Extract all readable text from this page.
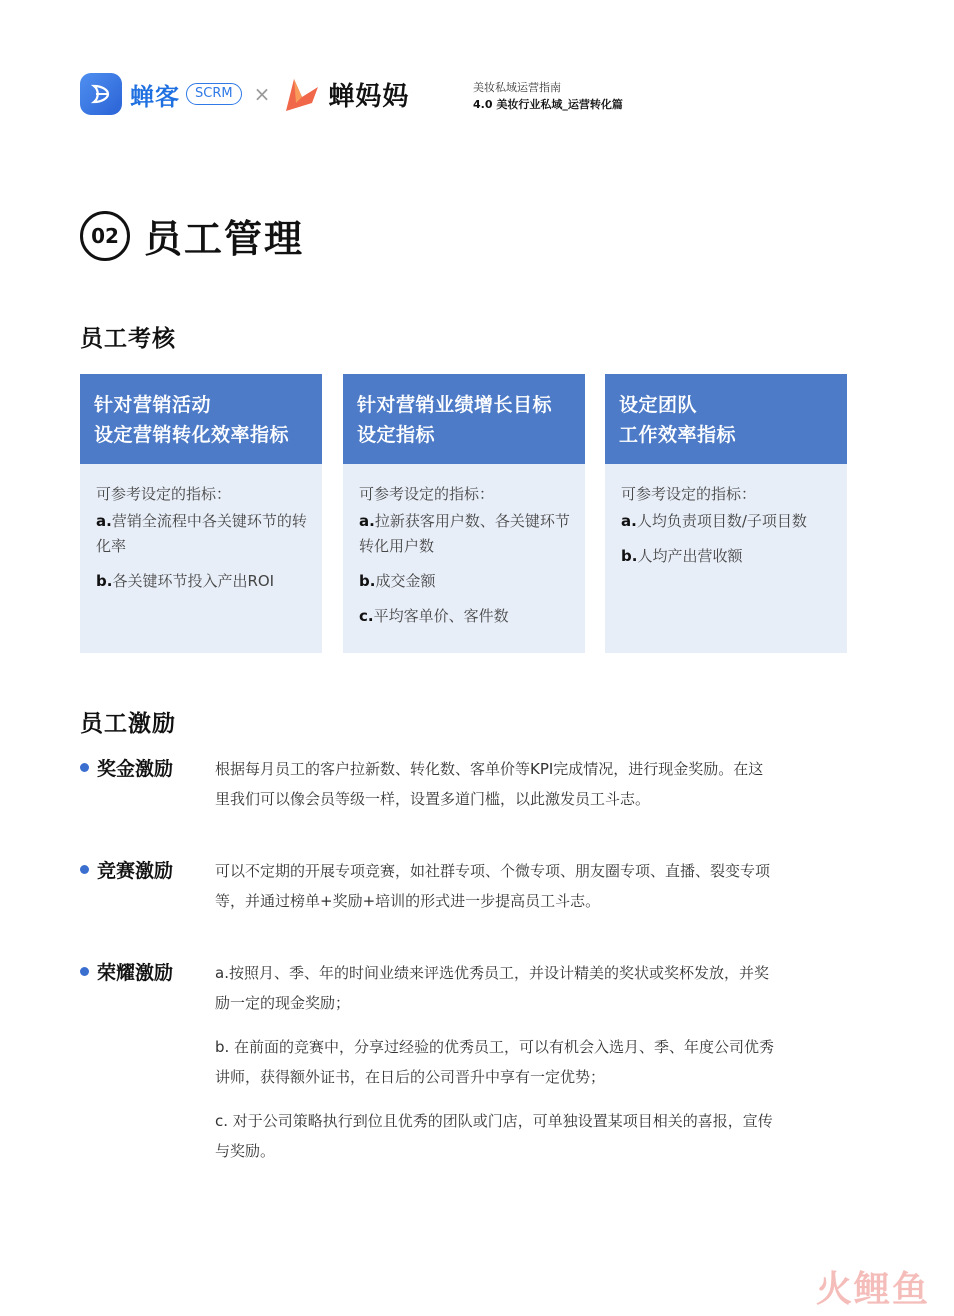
蝉客	SCRM	× 蝉妈妈	美妆私域运营指南
4.0 美妆行业私域_运营转化篇
02 员工管理
员工考核
针对营销活动
设定营销转化效率指标
可参考设定的指标：
a.营销全流程中各关键环节的转化率
b.各关键环节投入产出ROI
针对营销业绩增长目标
设定指标
可参考设定的指标：
a.拉新获客用户数、各关键环节转化用户数
b.成交金额
c.平均客单价、客件数
设定团队
工作效率指标
可参考设定的指标：
a.人均负责项目数/子项目数
b.人均产出营收额
员工激励
奖金激励	根据每月员工的客户拉新数、转化数、客单价等KPI完成情况，进行现金奖励。在这里我们可以像会员等级一样，设置多道门槛，以此激发员工斗志。

竞赛激励	可以不定期的开展专项竞赛，如社群专项、个微专项、朋友圈专项、直播、裂变专项等，并通过榜单+奖励+培训的形式进一步提高员工斗志。

荣耀激励	a.按照月、季、年的时间业绩来评选优秀员工，并设计精美的奖状或奖杯发放，并奖励一定的现金奖励；

b. 在前面的竞赛中，分享过经验的优秀员工，可以有机会入选月、季、年度公司优秀讲师，获得额外证书，在日后的公司晋升中享有一定优势；

c. 对于公司策略执行到位且优秀的团队或门店，可单独设置某项目相关的喜报，宣传与奖励。

火鲤鱼
